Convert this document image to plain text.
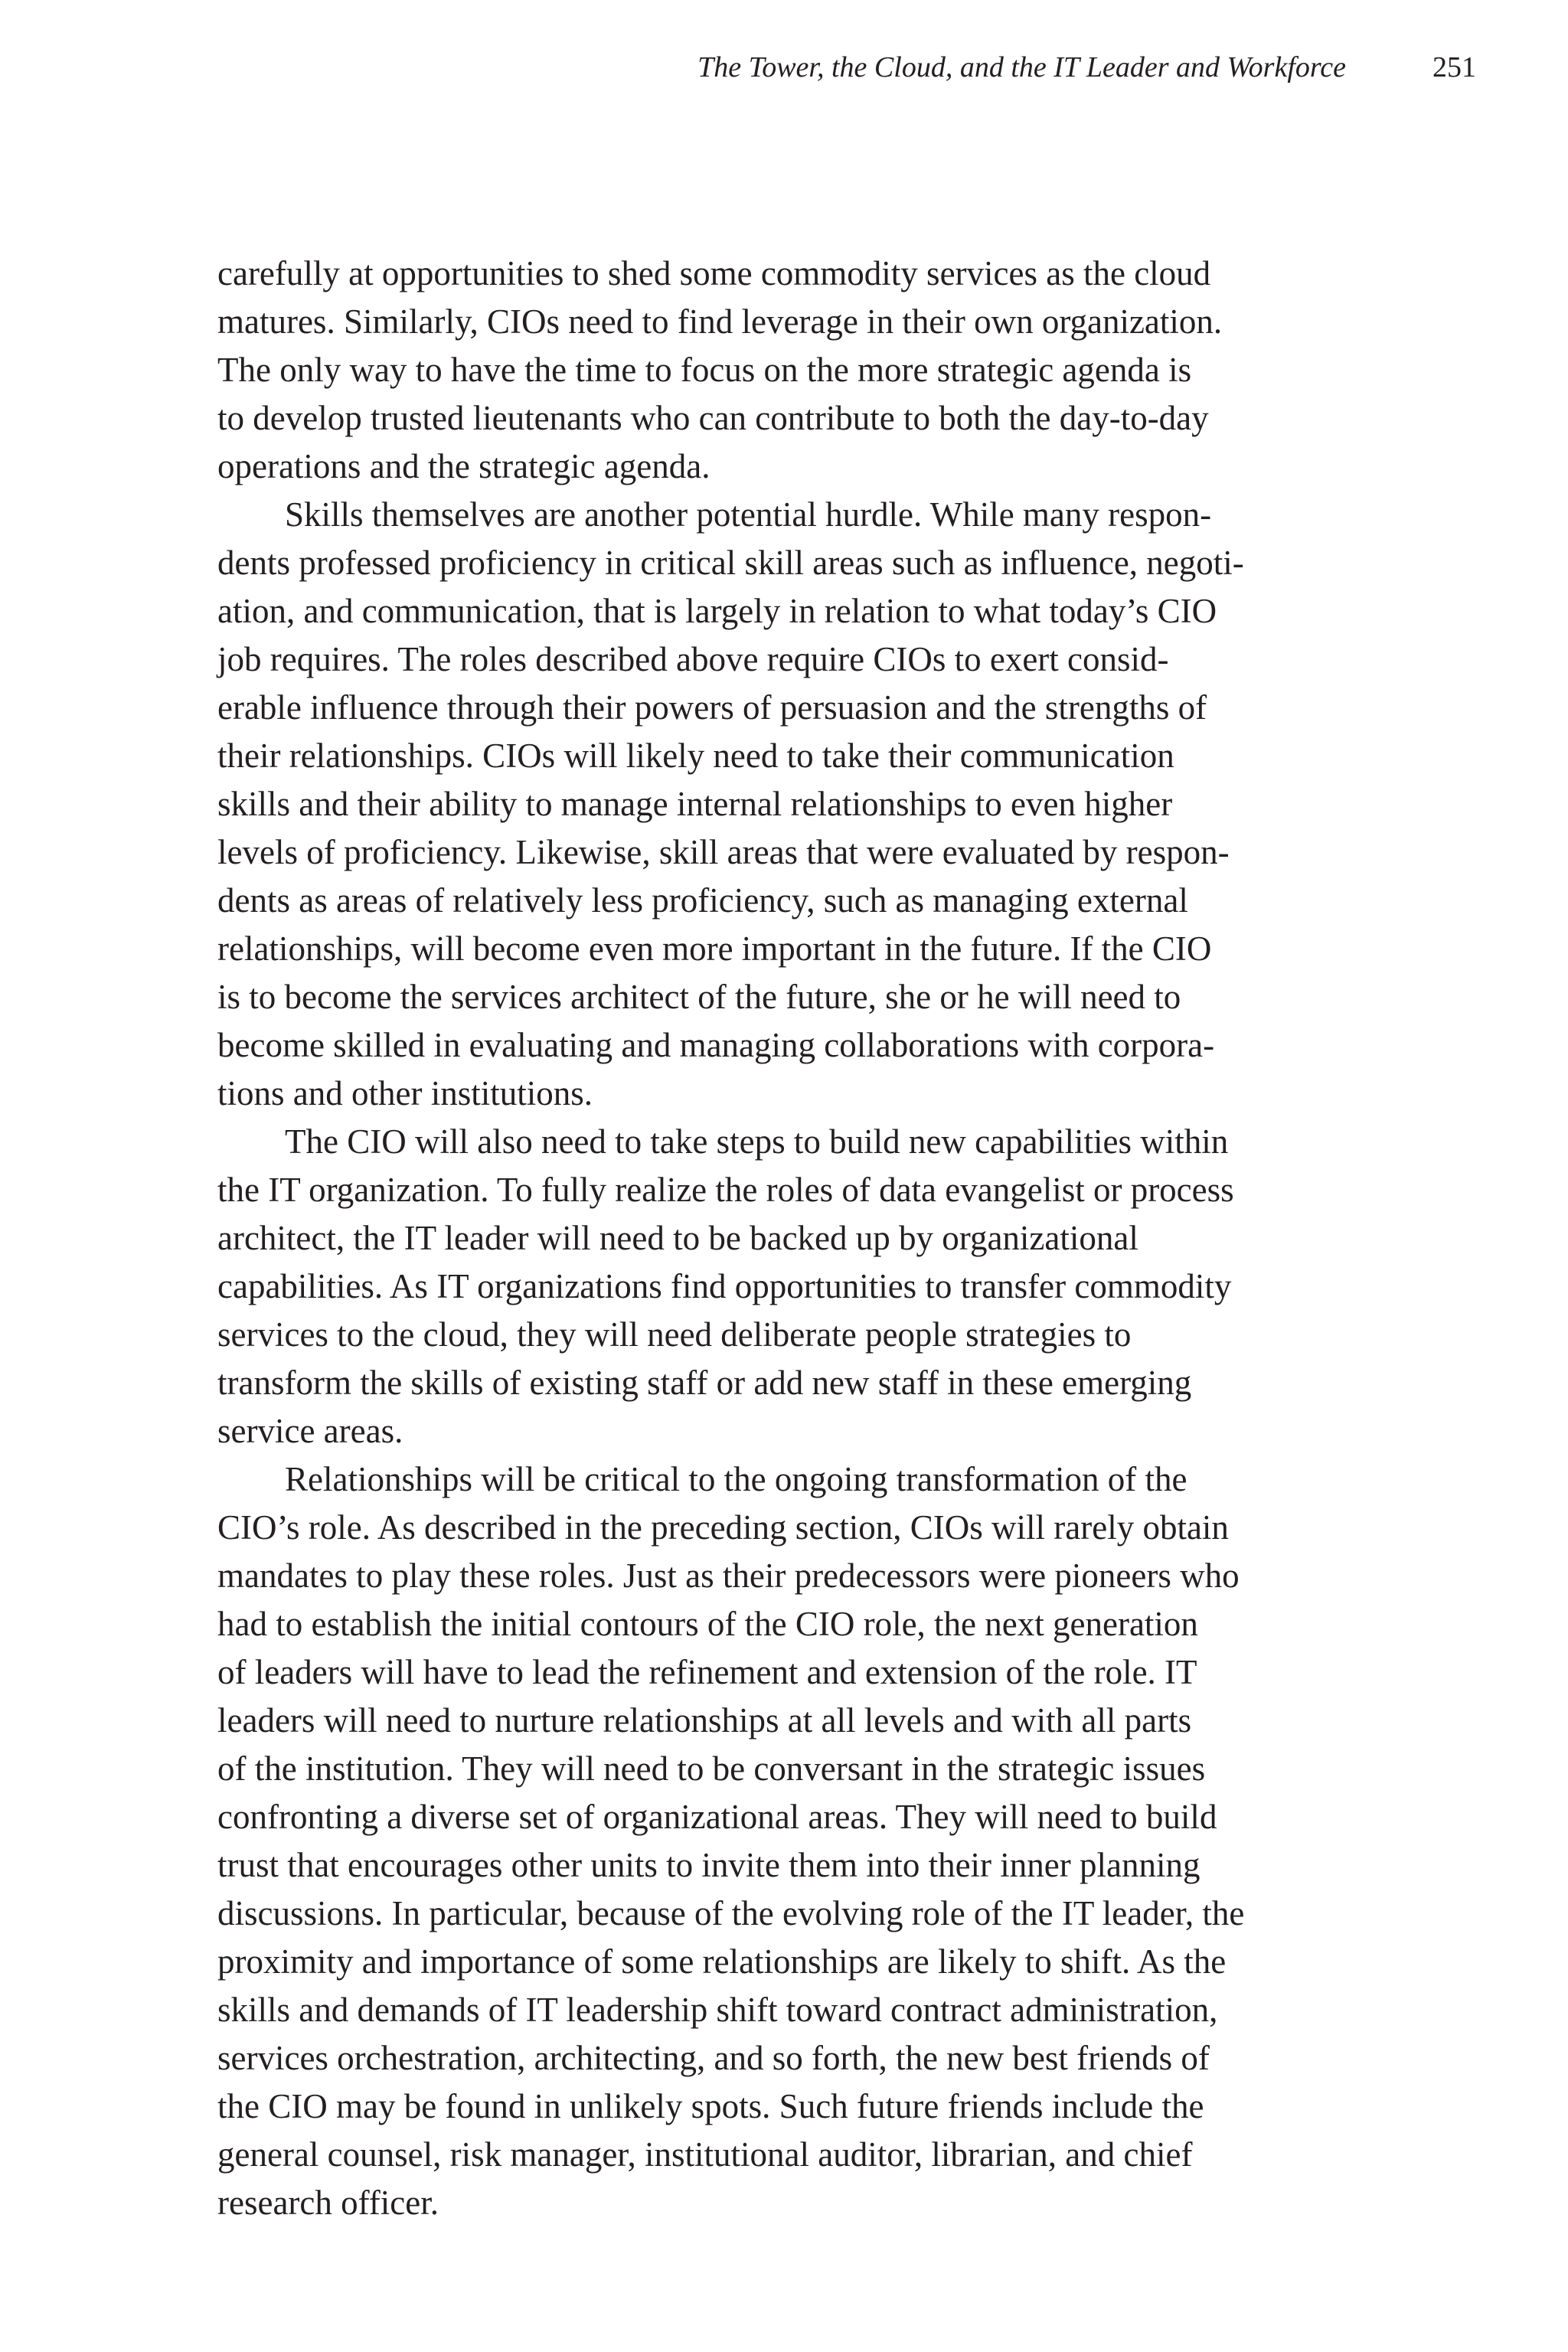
The Tower, the Cloud, and the IT Leader and Workforce	251
carefully at opportunities to shed some commodity services as the cloud
matures. Similarly, CIOs need to find leverage in their own organization.
The only way to have the time to focus on the more strategic agenda is
to develop trusted lieutenants who can contribute to both the day-to-day
operations and the strategic agenda.
Skills themselves are another potential hurdle. While many respon-
dents professed proficiency in critical skill areas such as influence, negoti-
ation, and communication, that is largely in relation to what today’s CIO
job requires. The roles described above require CIOs to exert consid-
erable influence through their powers of persuasion and the strengths of
their relationships. CIOs will likely need to take their communication
skills and their ability to manage internal relationships to even higher
levels of proficiency. Likewise, skill areas that were evaluated by respon-
dents as areas of relatively less proficiency, such as managing external
relationships, will become even more important in the future. If the CIO
is to become the services architect of the future, she or he will need to
become skilled in evaluating and managing collaborations with corpora-
tions and other institutions.
The CIO will also need to take steps to build new capabilities within
the IT organization. To fully realize the roles of data evangelist or process
architect, the IT leader will need to be backed up by organizational
capabilities. As IT organizations find opportunities to transfer commodity
services to the cloud, they will need deliberate people strategies to
transform the skills of existing staff or add new staff in these emerging
service areas.
Relationships will be critical to the ongoing transformation of the
CIO’s role. As described in the preceding section, CIOs will rarely obtain
mandates to play these roles. Just as their predecessors were pioneers who
had to establish the initial contours of the CIO role, the next generation
of leaders will have to lead the refinement and extension of the role. IT
leaders will need to nurture relationships at all levels and with all parts
of the institution. They will need to be conversant in the strategic issues
confronting a diverse set of organizational areas. They will need to build
trust that encourages other units to invite them into their inner planning
discussions. In particular, because of the evolving role of the IT leader, the
proximity and importance of some relationships are likely to shift. As the
skills and demands of IT leadership shift toward contract administration,
services orchestration, architecting, and so forth, the new best friends of
the CIO may be found in unlikely spots. Such future friends include the
general counsel, risk manager, institutional auditor, librarian, and chief
research officer.
